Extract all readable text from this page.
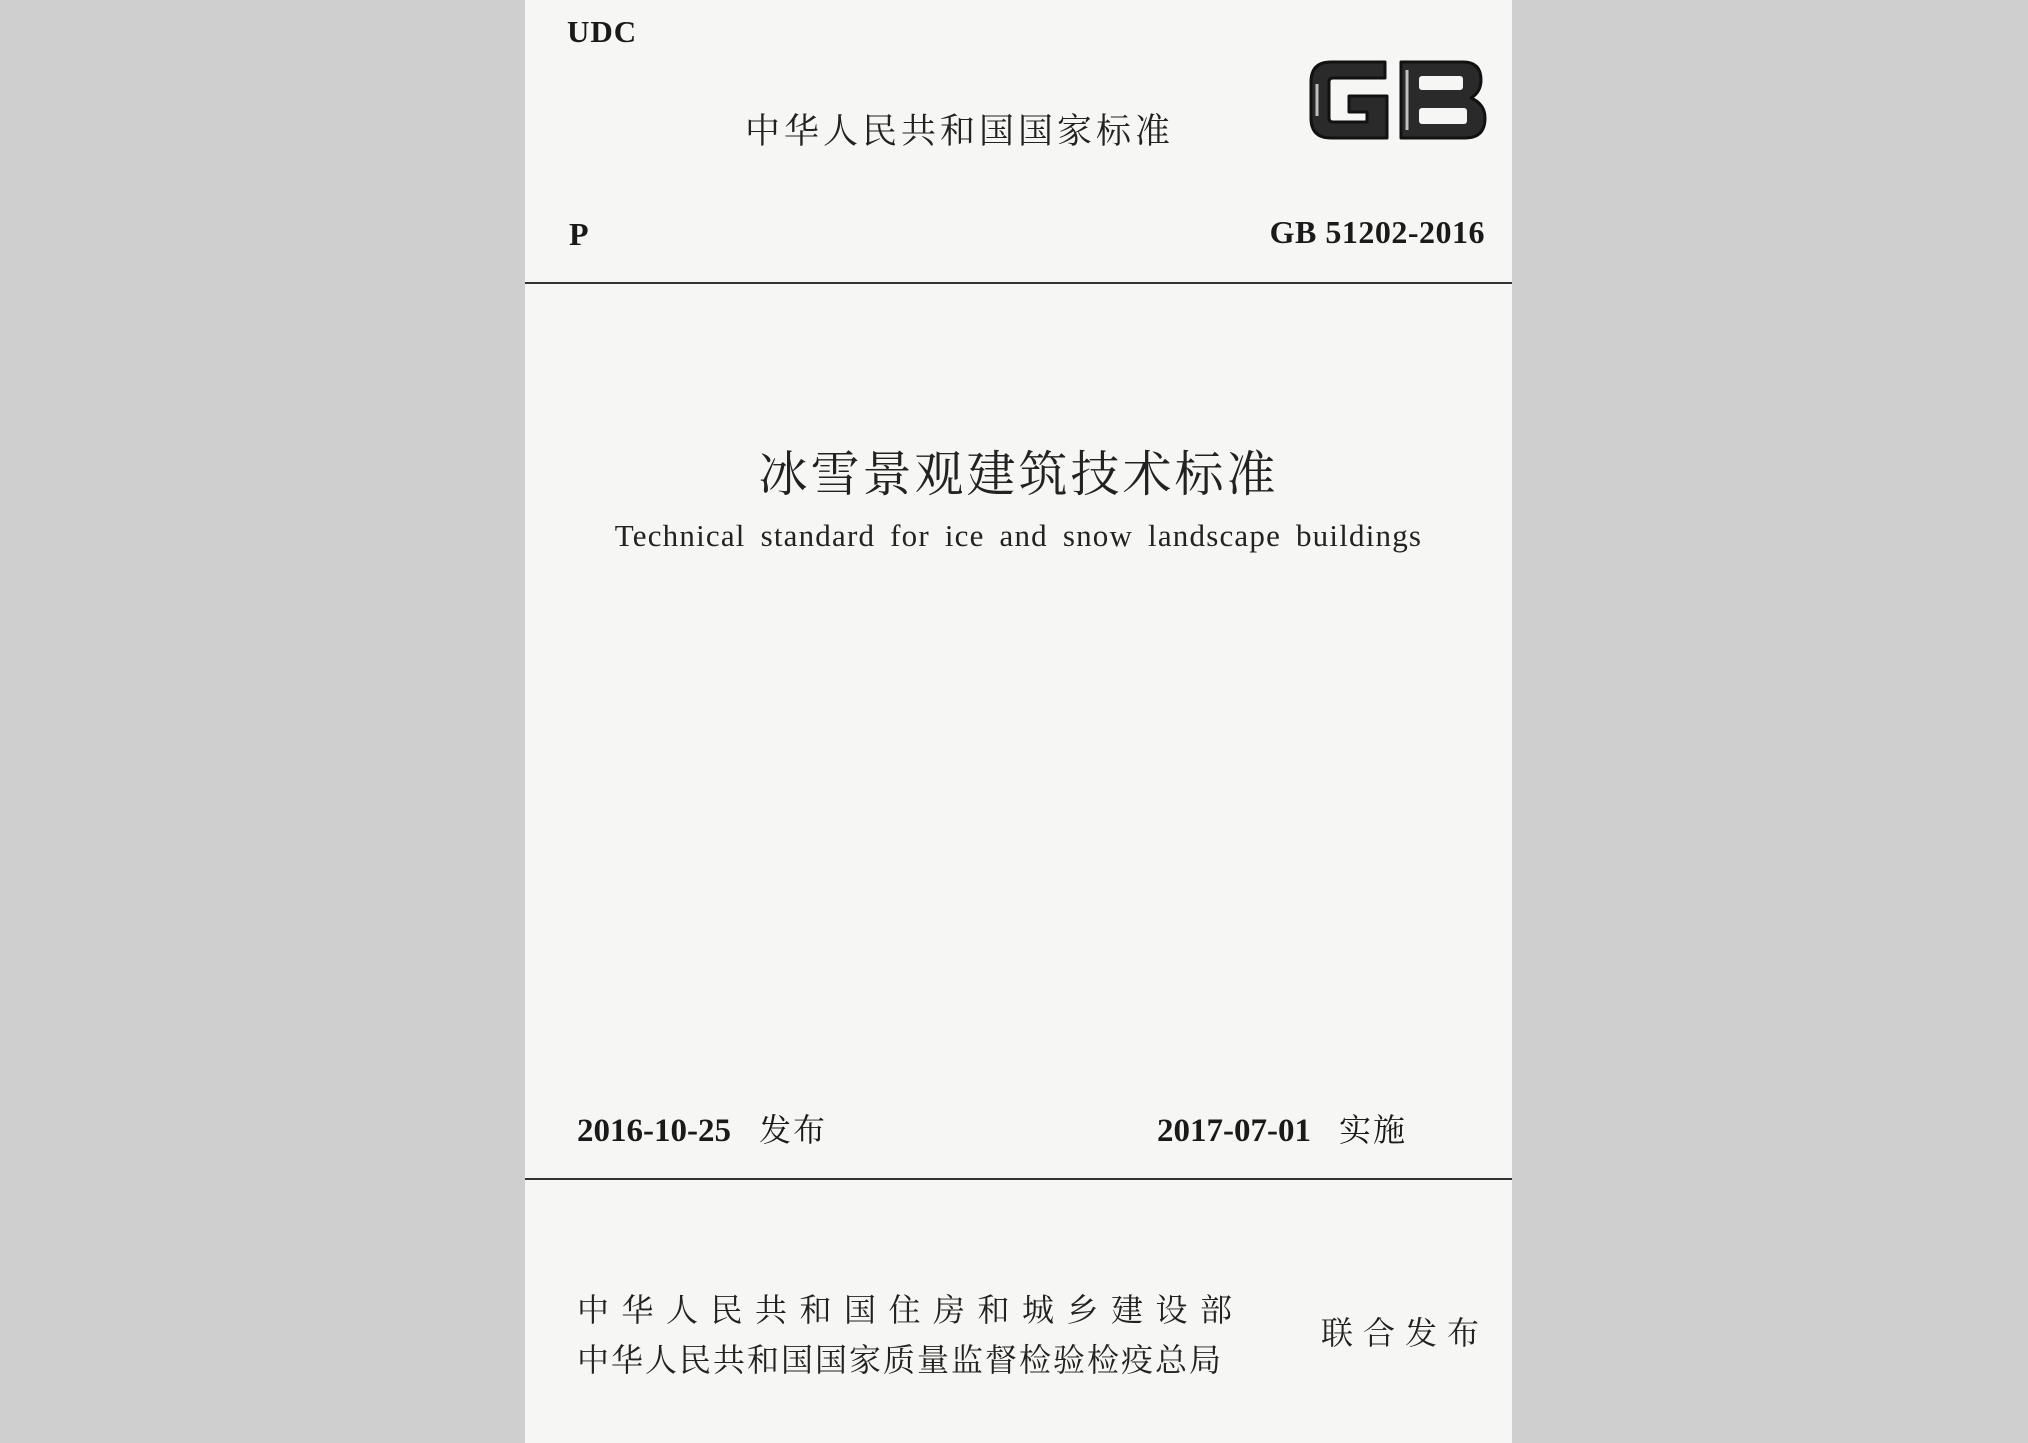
UDC
中华人民共和国国家标准
P	GB 51202-2016
冰雪景观建筑技术标准
Technical standard for ice and snow landscape buildings
2016-10-25 发布	2017-07-01 实施
中华人民共和国住房和城乡建设部
中华人民共和国国家质量监督检验检疫总局
联合发布
